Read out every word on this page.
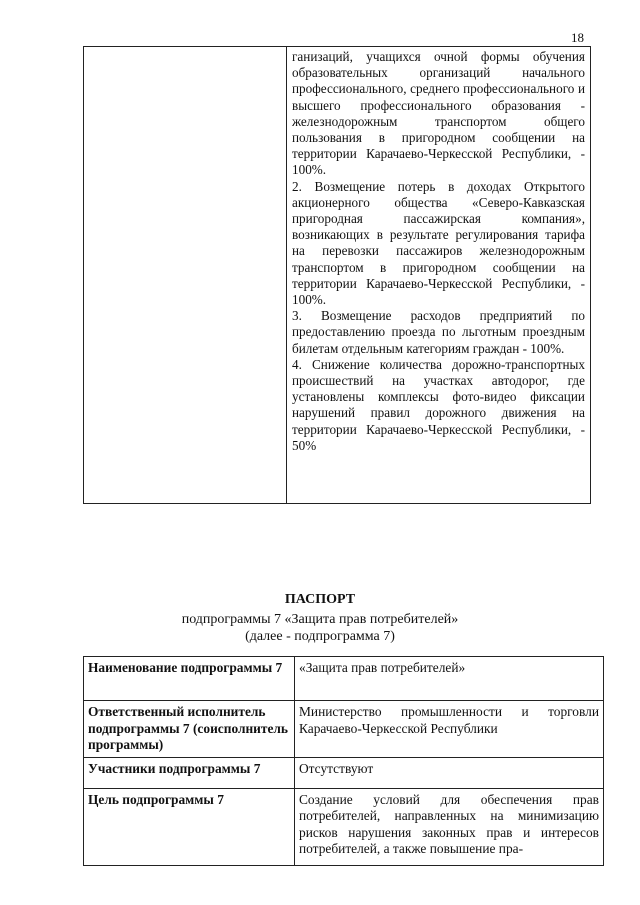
18

ганизаций, учащихся очной формы обучения образовательных организаций начального профессионального, среднего профессионального и высшего профессионального образования - железнодорожным транспортом общего пользования в пригородном сообщении на территории Карачаево-Черкесской Республики, - 100%.

2. Возмещение потерь в доходах Открытого акционерного общества «Северо-Кавказская пригородная пассажирская компания», возникающих в результате регулирования тарифа на перевозки пассажиров железнодорожным транспортом в пригородном сообщении на территории Карачаево-Черкесской Республики, - 100%.

3. Возмещение расходов предприятий по предоставлению проезда по льготным проездным билетам отдельным категориям граждан - 100%.

4. Снижение количества дорожно-транспортных происшествий на участках автодорог, где установлены комплексы фото-видео фиксации нарушений правил дорожного движения на территории Карачаево-Черкесской Республики, - 50%

ПАСПОРТ
подпрограммы 7 «Защита прав потребителей»
(далее - подпрограмма 7)
Наименование подпрограммы 7	«Защита прав потребителей»
Ответственный исполнитель подпрограммы 7 (соисполнитель программы)	Министерство промышленности и торговли Карачаево-Черкесской Республики
Участники подпрограммы 7	Отсутствуют
Цель подпрограммы 7	Создание условий для обеспечения прав потребителей, направленных на минимизацию рисков нарушения законных прав и интересов потребителей, а также повышение пра-
